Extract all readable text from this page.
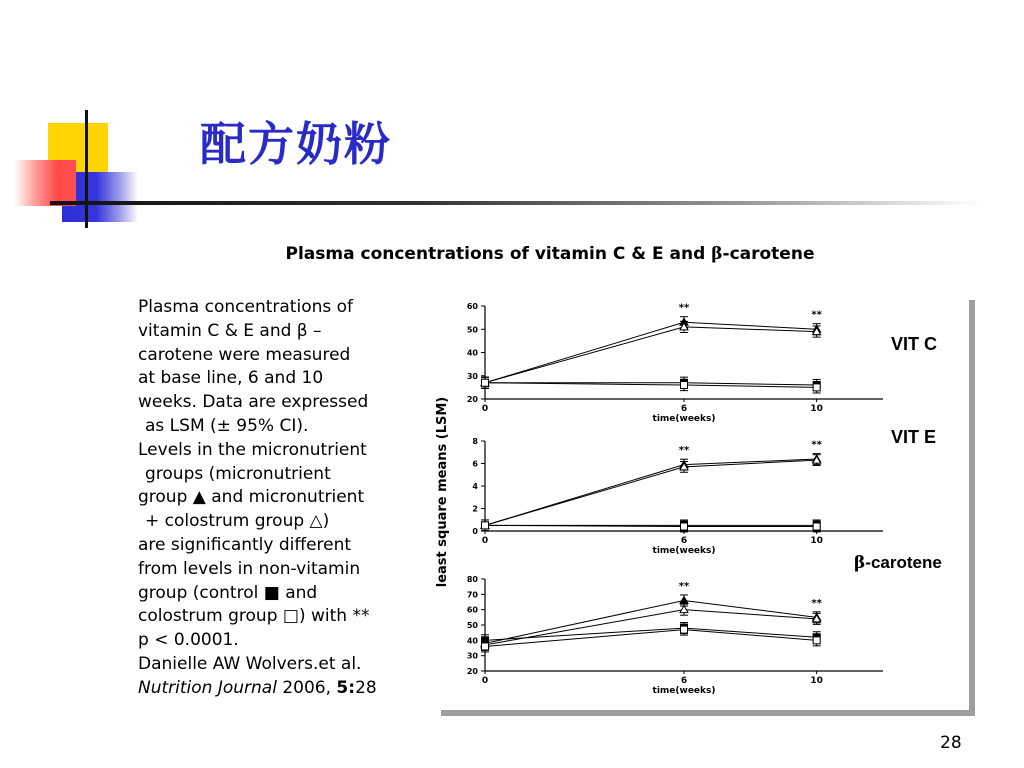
配方奶粉
Plasma concentrations of vitamin C & E and β-carotene
Plasma concentrations of
vitamin C & E and β –
carotene were measured
at base line, 6 and 10
weeks. Data are expressed
as LSM (± 95% CI).
Levels in the micronutrient
groups (micronutrient
group ▲ and micronutrient
+ colostrum group △)
are significantly different
from levels in non-vitamin
group (control ■ and
colostrum group □) with **
p < 0.0001.
Danielle AW Wolvers.et al.
Nutrition Journal 2006, 5:28
least square means (LSM) 20
30
40
50
60
0	6	10
time(weeks)
**
**
0
2
4
6
8
0	6	10
time(weeks)
**
**
20
30
40
50
60
70
80
0	6	10
time(weeks)
**
**
VIT C
VIT E
β-carotene
28
